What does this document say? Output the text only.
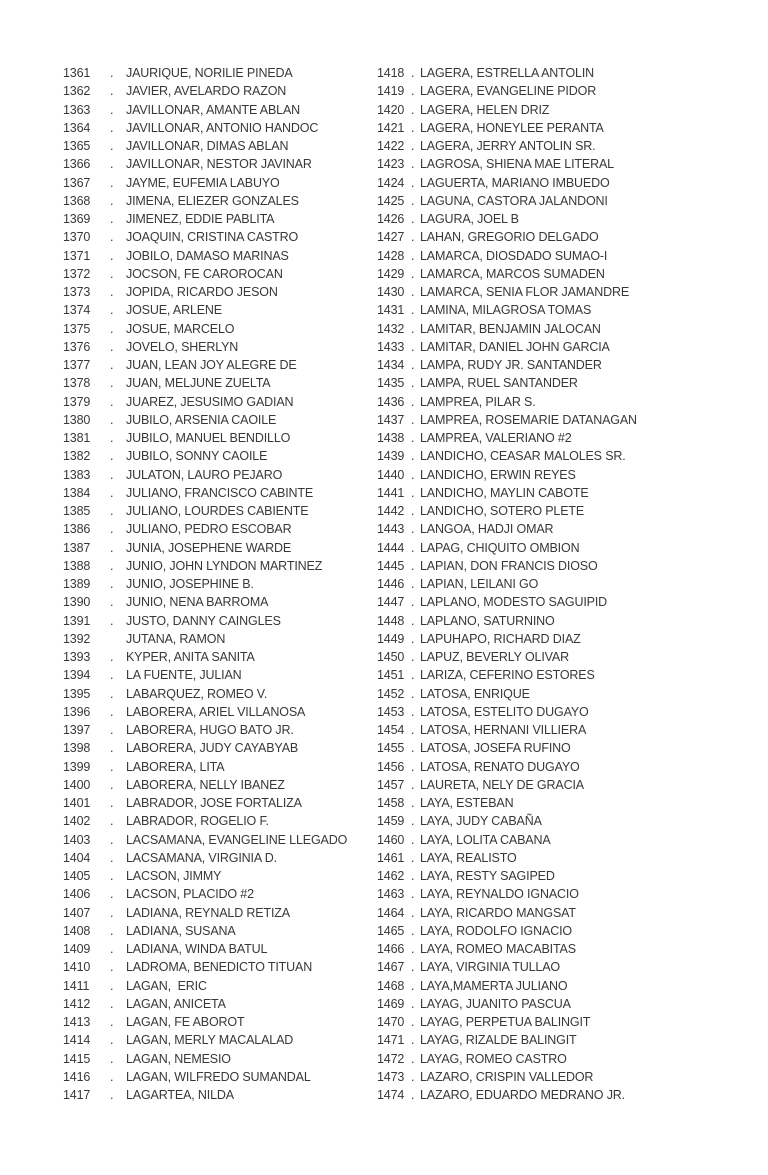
1361	.	JAURIQUE, NORILIE PINEDA
1362	.	JAVIER, AVELARDO RAZON
1363	.	JAVILLONAR, AMANTE ABLAN
1364	.	JAVILLONAR, ANTONIO HANDOC
1365	.	JAVILLONAR, DIMAS ABLAN
1366	.	JAVILLONAR, NESTOR JAVINAR
1367	.	JAYME, EUFEMIA LABUYO
1368	.	JIMENA, ELIEZER GONZALES
1369	.	JIMENEZ, EDDIE PABLITA
1370	.	JOAQUIN, CRISTINA CASTRO
1371	.	JOBILO, DAMASO MARINAS
1372	.	JOCSON, FE CAROROCAN
1373	.	JOPIDA, RICARDO JESON
1374	.	JOSUE, ARLENE
1375	.	JOSUE, MARCELO
1376	.	JOVELO, SHERLYN
1377	.	JUAN, LEAN JOY ALEGRE DE
1378	.	JUAN, MELJUNE ZUELTA
1379	.	JUAREZ, JESUSIMO GADIAN
1380	.	JUBILO, ARSENIA CAOILE
1381	.	JUBILO, MANUEL BENDILLO
1382	.	JUBILO, SONNY CAOILE
1383	.	JULATON, LAURO PEJARO
1384	.	JULIANO, FRANCISCO CABINTE
1385	.	JULIANO, LOURDES CABIENTE
1386	.	JULIANO, PEDRO ESCOBAR
1387	.	JUNIA, JOSEPHENE WARDE
1388	.	JUNIO, JOHN LYNDON MARTINEZ
1389	.	JUNIO, JOSEPHINE B.
1390	.	JUNIO, NENA BARROMA
1391	.	JUSTO, DANNY CAINGLES
1392	JUTANA, RAMON
1393	.	KYPER, ANITA SANITA
1394	.	LA FUENTE, JULIAN
1395	.	LABARQUEZ, ROMEO V.
1396	.	LABORERA, ARIEL VILLANOSA
1397	.	LABORERA, HUGO BATO JR.
1398	.	LABORERA, JUDY CAYABYAB
1399	.	LABORERA, LITA
1400	.	LABORERA, NELLY IBANEZ
1401	.	LABRADOR, JOSE FORTALIZA
1402	.	LABRADOR, ROGELIO F.
1403	.	LACSAMANA, EVANGELINE LLEGADO
1404	.	LACSAMANA, VIRGINIA D.
1405	.	LACSON, JIMMY
1406	.	LACSON, PLACIDO #2
1407	.	LADIANA, REYNALD RETIZA
1408	.	LADIANA, SUSANA
1409	.	LADIANA, WINDA BATUL
1410	.	LADROMA, BENEDICTO TITUAN
1411	.	LAGAN,  ERIC
1412	.	LAGAN, ANICETA
1413	.	LAGAN, FE ABOROT
1414	.	LAGAN, MERLY MACALALAD
1415	.	LAGAN, NEMESIO
1416	.	LAGAN, WILFREDO SUMANDAL
1417	.	LAGARTEA, NILDA
1418 . LAGERA, ESTRELLA ANTOLIN
1419 . LAGERA, EVANGELINE PIDOR
1420 . LAGERA, HELEN DRIZ
1421 . LAGERA, HONEYLEE PERANTA
1422 . LAGERA, JERRY ANTOLIN SR.
1423 . LAGROSA, SHIENA MAE LITERAL
1424 . LAGUERTA, MARIANO IMBUEDO
1425 . LAGUNA, CASTORA JALANDONI
1426 . LAGURA, JOEL B
1427 . LAHAN, GREGORIO DELGADO
1428 . LAMARCA, DIOSDADO SUMAO-I
1429 . LAMARCA, MARCOS SUMADEN
1430 . LAMARCA, SENIA FLOR JAMANDRE
1431 . LAMINA, MILAGROSA TOMAS
1432 . LAMITAR, BENJAMIN JALOCAN
1433 . LAMITAR, DANIEL JOHN GARCIA
1434 . LAMPA, RUDY JR. SANTANDER
1435 . LAMPA, RUEL SANTANDER
1436 . LAMPREA, PILAR S.
1437 . LAMPREA, ROSEMARIE DATANAGAN
1438 . LAMPREA, VALERIANO #2
1439 . LANDICHO, CEASAR MALOLES SR.
1440 . LANDICHO, ERWIN REYES
1441 . LANDICHO, MAYLIN CABOTE
1442 . LANDICHO, SOTERO PLETE
1443 . LANGOA, HADJI OMAR
1444 . LAPAG, CHIQUITO OMBION
1445 . LAPIAN, DON FRANCIS DIOSO
1446 . LAPIAN, LEILANI GO
1447 . LAPLANO, MODESTO SAGUIPID
1448 . LAPLANO, SATURNINO
1449 . LAPUHAPO, RICHARD DIAZ
1450 . LAPUZ, BEVERLY OLIVAR
1451 . LARIZA, CEFERINO ESTORES
1452 . LATOSA, ENRIQUE
1453 . LATOSA, ESTELITO DUGAYO
1454 . LATOSA, HERNANI VILLIERA
1455 . LATOSA, JOSEFA RUFINO
1456 . LATOSA, RENATO DUGAYO
1457 . LAURETA, NELY DE GRACIA
1458 . LAYA, ESTEBAN
1459 . LAYA, JUDY CABAÑA
1460 . LAYA, LOLITA CABANA
1461 . LAYA, REALISTO
1462 . LAYA, RESTY SAGIPED
1463 . LAYA, REYNALDO IGNACIO
1464 . LAYA, RICARDO MANGSAT
1465 . LAYA, RODOLFO IGNACIO
1466 . LAYA, ROMEO MACABITAS
1467 . LAYA, VIRGINIA TULLAO
1468 . LAYA,MAMERTA JULIANO
1469 . LAYAG, JUANITO PASCUA
1470 . LAYAG, PERPETUA BALINGIT
1471 . LAYAG, RIZALDE BALINGIT
1472 . LAYAG, ROMEO CASTRO
1473 . LAZARO, CRISPIN VALLEDOR
1474 . LAZARO, EDUARDO MEDRANO JR.
